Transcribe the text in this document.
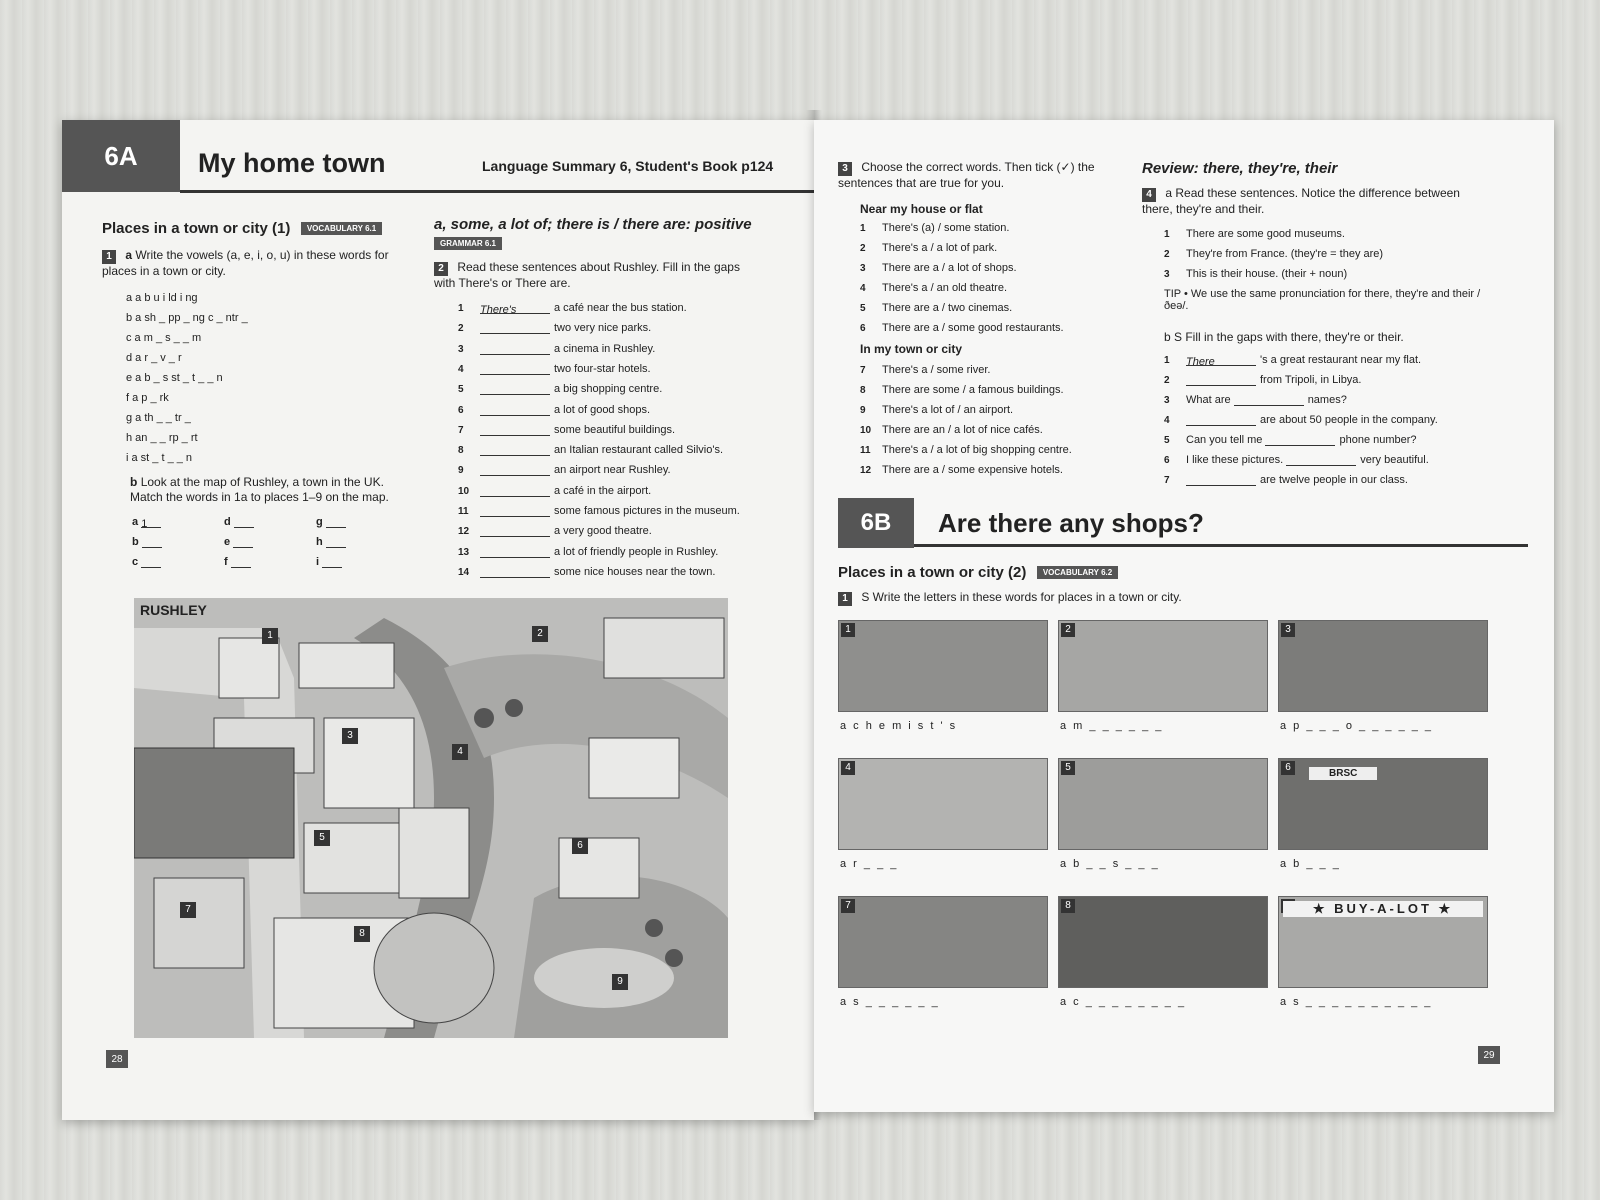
6A	My home town	Language Summary 6, Student's Book p124
Places in a town or city (1) VOCABULARY 6.1
1 a Write the vowels (a, e, i, o, u) in these words for places in a town or city.
b Look at the map of Rushley, a town in the UK. Match the words in 1a to places 1–9 on the map.
a, some, a lot of; there is / there are: positive
GRAMMAR 6.1
2 Read these sentences about Rushley. Fill in the gaps with There's or There are.
RUSHLEY
1	2
3
4
5
6
7
8
9
28
a a b u i ld i ng
b a sh _ pp _ ng c _ ntr _
c a m _ s _ _ m
d a r _ v _ r
e a b _ s st _ t _ _ n
f a p _ rk
g a th _ _ tr _
h an _ _ rp _ rt
i a st _ t _ _ n
a 1	d	g
b	e	h
c	f	i
1 There's	a café near the bus station.
2	two very nice parks.
3	a cinema in Rushley.
4	two four-star hotels.
5	a big shopping centre.
6	a lot of good shops.
7	some beautiful buildings.
8	an Italian restaurant called Silvio's.
9	an airport near Rushley.
10	a café in the airport.
11	some famous pictures in the museum.
12	a very good theatre.
13	a lot of friendly people in Rushley.
14	some nice houses near the town.
3 Choose the correct words. Then tick (✓) the sentences that are true for you.
Near my house or flat
In my town or city
Review: there, they're, their
4 a Read these sentences. Notice the difference between there, they're and their.
TIP • We use the same pronunciation for there, they're and their /ðeə/.
b S Fill in the gaps with there, they're or their.
6B	Are there any shops?
Places in a town or city (2) VOCABULARY 6.2
1 S Write the letters in these words for places in a town or city.
1
a c h e m i s t ' s
2
a m _ _ _ _ _ _
3
a p _ _ _ o _ _ _ _ _ _
4
a r _ _ _
5
a b _ _ s _ _ _
6
BRSC
a b _ _ _
7
a s _ _ _ _ _ _
8
a c _ _ _ _ _ _ _ _
★ BUY-A-LOT ★
a s _ _ _ _ _ _ _ _ _ _
29
1 There's (a) / some station.
2 There's a / a lot of park.
3 There are a / a lot of shops.
4 There's a / an old theatre.
5 There are a / two cinemas.
6 There are a / some good restaurants.
7 There's a / some river.
8 There are some / a famous buildings.
9 There's a lot of / an airport.
10 There are an / a lot of nice cafés.
11 There's a / a lot of big shopping centre.
12 There are a / some expensive hotels.
1 There are some good museums.
2 They're from France. (they're = they are)
3 This is their house. (their + noun)
1 There	's a great restaurant near my flat.
2	from Tripoli, in Libya.
3 What are	names?
4	are about 50 people in the company.
5 Can you tell me	phone number?
6 I like these pictures.	very beautiful.
7	are twelve people in our class.
